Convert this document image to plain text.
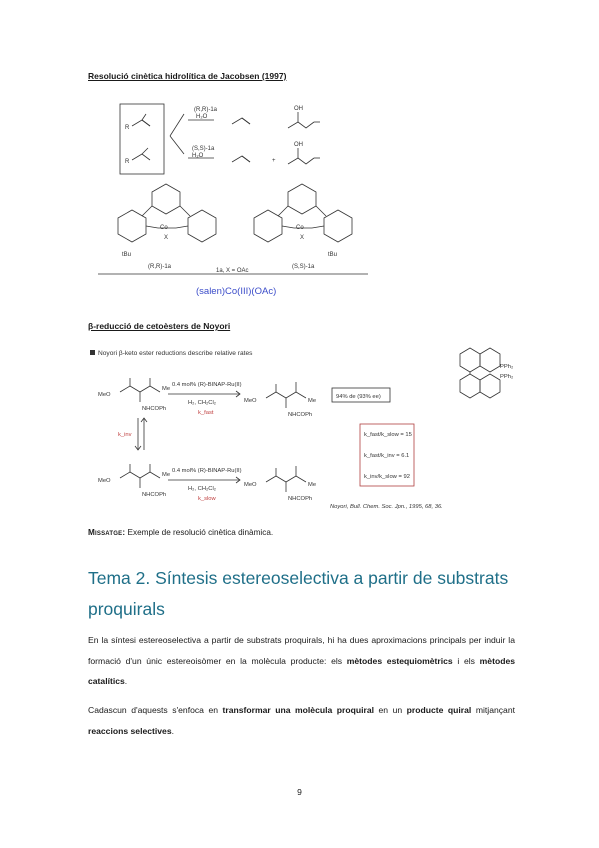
Resolució cinètica hidrolítica de Jacobsen (1997)
(R,R)-1a
H₂O
(S,S)-1a
H₂O
+
R
R
OH
OH
Co	Co
X	X
tBu	tBu
(R,R)-1a	(S,S)-1a
1a, X = OAc
(salen)Co(III)(OAc)
β-reducció de cetoèsters de Noyori
Noyori β-keto ester reductions describe relative rates
0.4 mol% (R)-BINAP-Ru(II)
H₂, CH₂Cl₂
k_fast
0.4 mol% (R)-BINAP-Ru(II)
H₂, CH₂Cl₂
k_slow
k_inv
94% de (93% ee)
k_fast/k_slow = 15
k_fast/k_inv = 6.1
k_inv/k_slow = 92
MeO
Me
NHCOPh
MeO	Me
NHCOPh
MeO
Me
NHCOPh
MeO	Me
NHCOPh
PPh₂
PPh₂
Noyori, Bull. Chem. Soc. Jpn., 1995, 68, 36.
Missatge: Exemple de resolució cinètica dinàmica.
Tema 2. Síntesis estereoselectiva a partir de substrats proquirals
En la síntesi estereoselectiva a partir de substrats proquirals, hi ha dues aproximacions principals per induir la formació d'un únic estereoisòmer en la molècula producte: els mètodes estequiomètrics i els mètodes catalítics.
Cadascun d'aquests s'enfoca en transformar una molècula proquiral en un producte quiral mitjançant reaccions selectives.
9
